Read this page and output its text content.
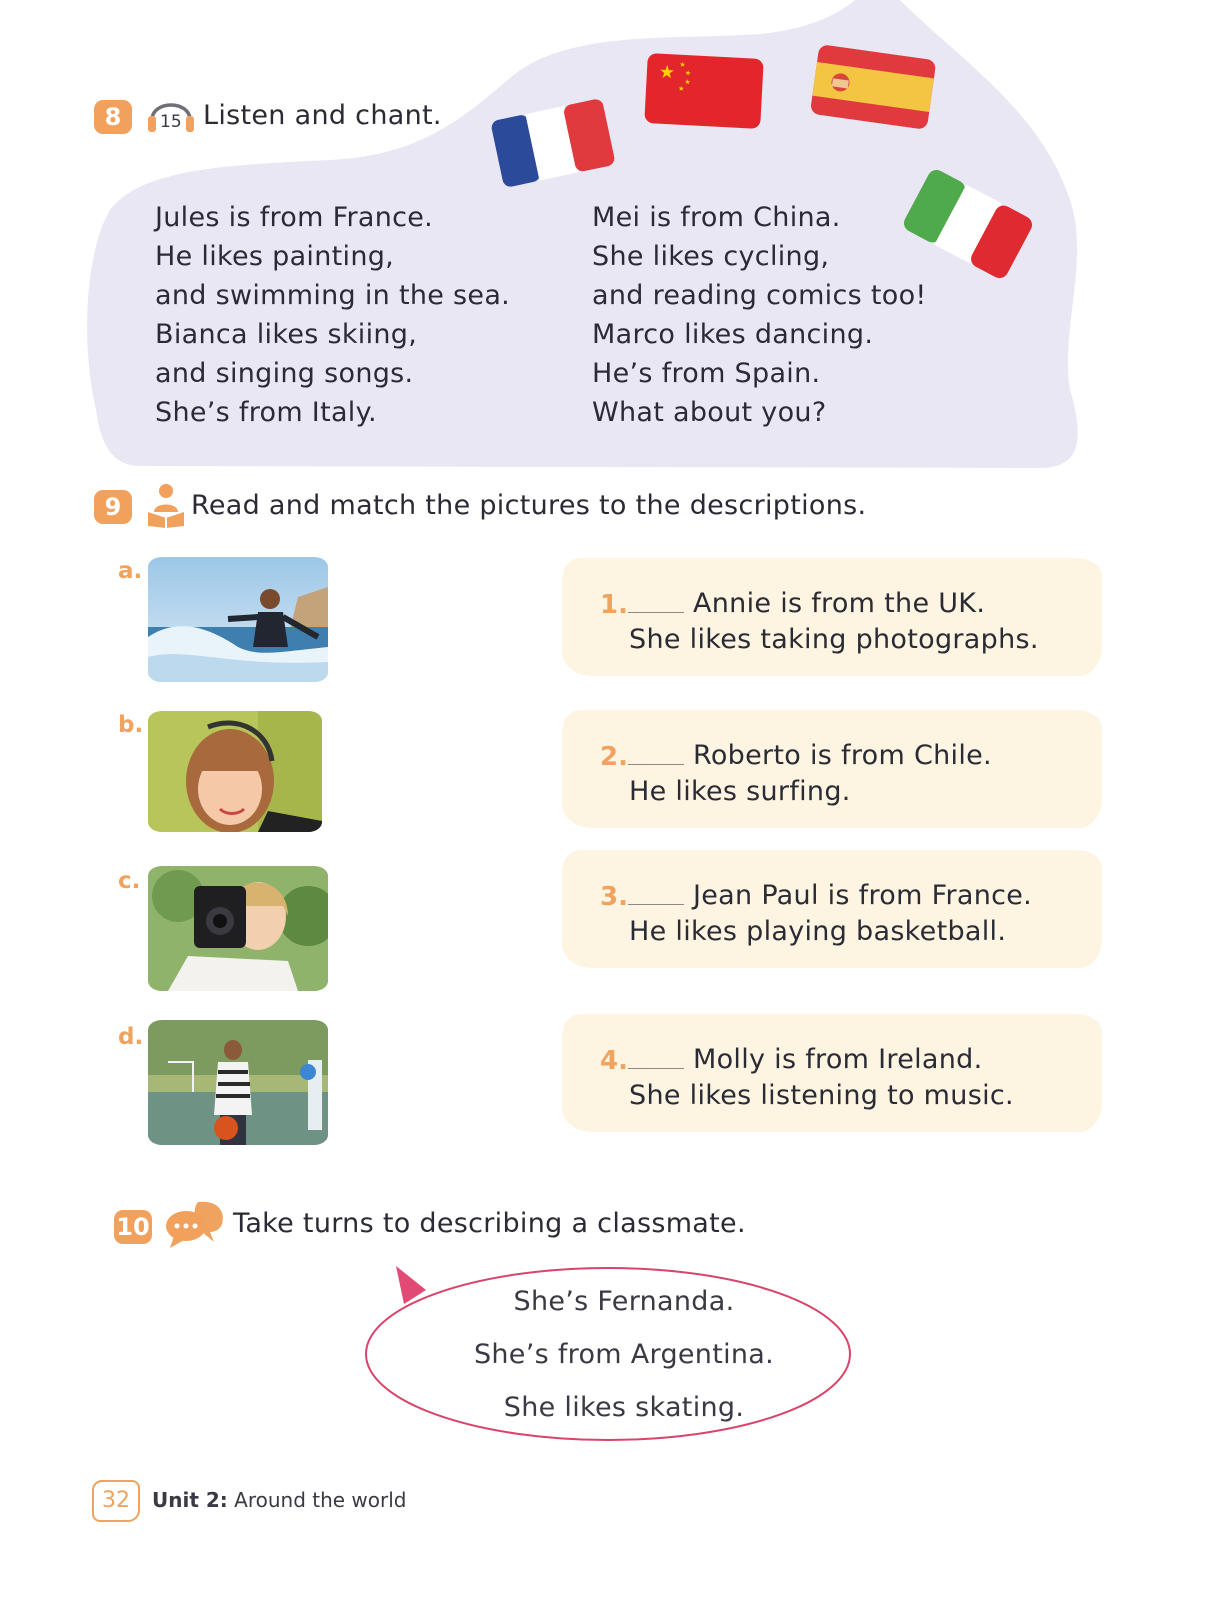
★ ★
★
★
★
8	15 Listen and chant.
Jules is from France.
He likes painting,
and swimming in the sea.
Bianca likes skiing,
and singing songs.
She’s from Italy.
Mei is from China.
She likes cycling,
and reading comics too!
Marco likes dancing.
He’s from Spain.
What about you?
9	Read and match the pictures to the descriptions.
a.
b.
c.
d.
1. Annie is from the UK.
She likes taking photographs.
2. Roberto is from Chile.
He likes surfing.
3. Jean Paul is from France.
He likes playing basketball.
4. Molly is from Ireland.
She likes listening to music.
10	Take turns to describing a classmate.
She’s Fernanda.
She’s from Argentina.
She likes skating.
32	Unit 2: Around the world
